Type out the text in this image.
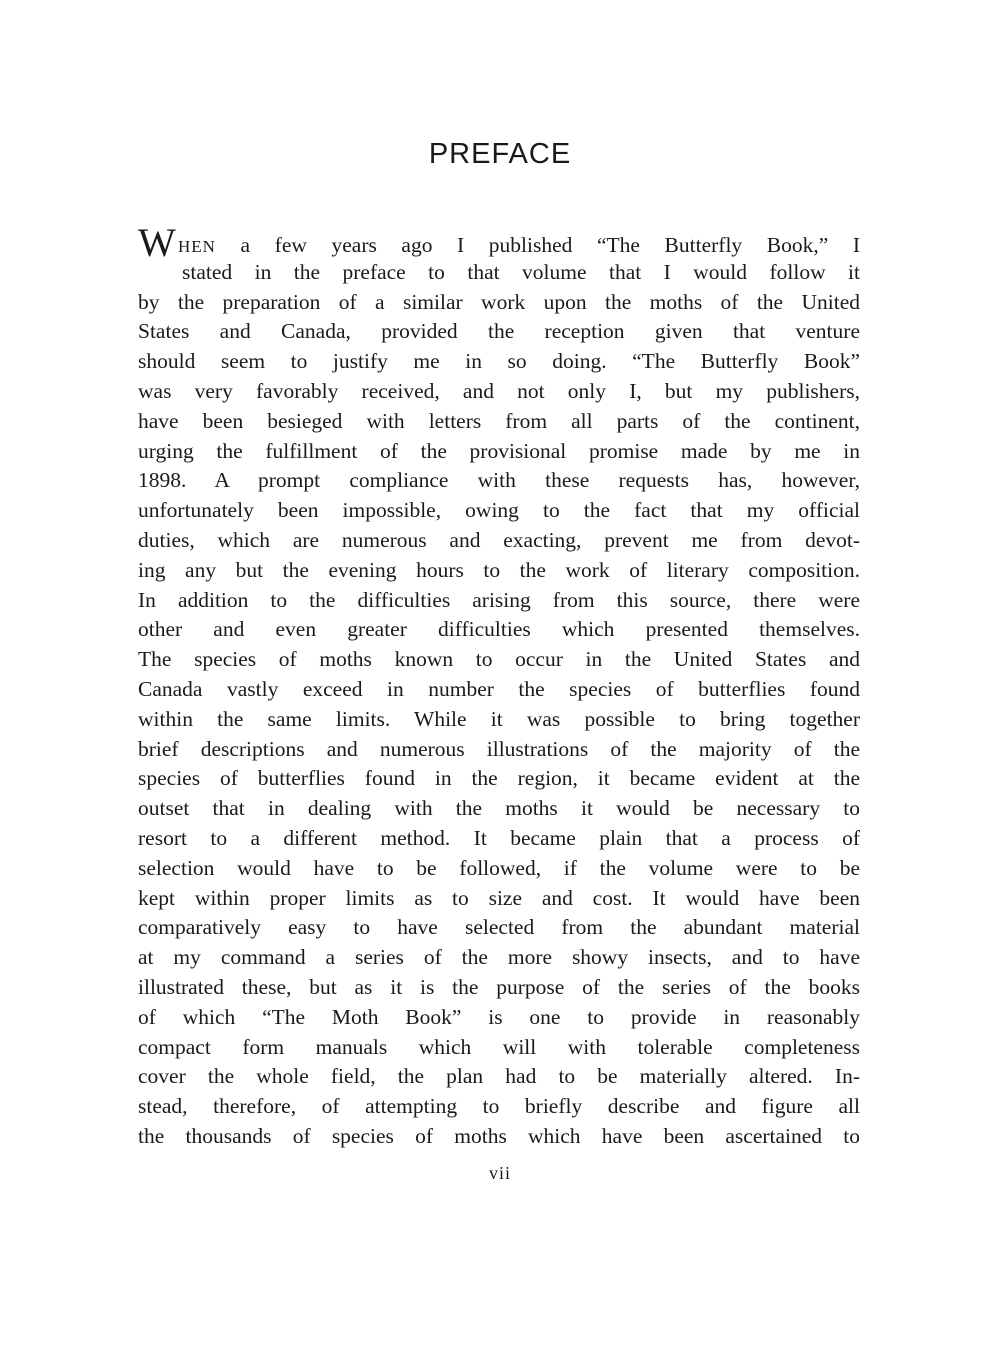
PREFACE
WHEN a few years ago I published “The Butterfly Book,” I
stated in the preface to that volume that I would follow it
by the preparation of a similar work upon the moths of the United
States and Canada, provided the reception given that venture
should seem to justify me in so doing. “The Butterfly Book”
was very favorably received, and not only I, but my publishers,
have been besieged with letters from all parts of the continent,
urging the fulfillment of the provisional promise made by me in
1898. A prompt compliance with these requests has, however,
unfortunately been impossible, owing to the fact that my official
duties, which are numerous and exacting, prevent me from devot-
ing any but the evening hours to the work of literary composition.
In addition to the difficulties arising from this source, there were
other and even greater difficulties which presented themselves.
The species of moths known to occur in the United States and
Canada vastly exceed in number the species of butterflies found
within the same limits. While it was possible to bring together
brief descriptions and numerous illustrations of the majority of the
species of butterflies found in the region, it became evident at the
outset that in dealing with the moths it would be necessary to
resort to a different method. It became plain that a process of
selection would have to be followed, if the volume were to be
kept within proper limits as to size and cost. It would have been
comparatively easy to have selected from the abundant material
at my command a series of the more showy insects, and to have
illustrated these, but as it is the purpose of the series of the books
of which “The Moth Book” is one to provide in reasonably
compact form manuals which will with tolerable completeness
cover the whole field, the plan had to be materially altered. In-
stead, therefore, of attempting to briefly describe and figure all
the thousands of species of moths which have been ascertained to
vii
